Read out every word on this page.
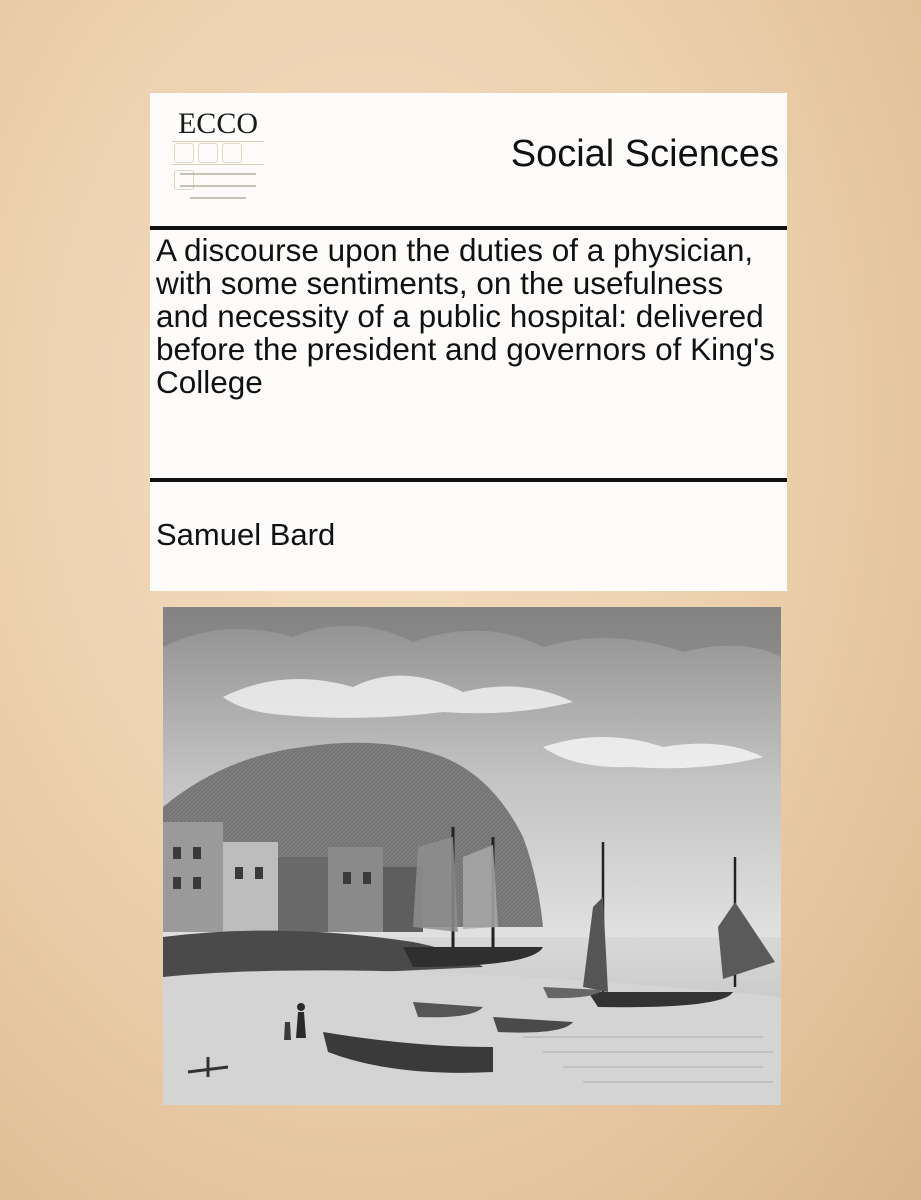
ECCO
Social Sciences
A discourse upon the duties of a physician, with some sentiments, on the usefulness and necessity of a public hospital: delivered before the president and governors of King's College
Samuel Bard
